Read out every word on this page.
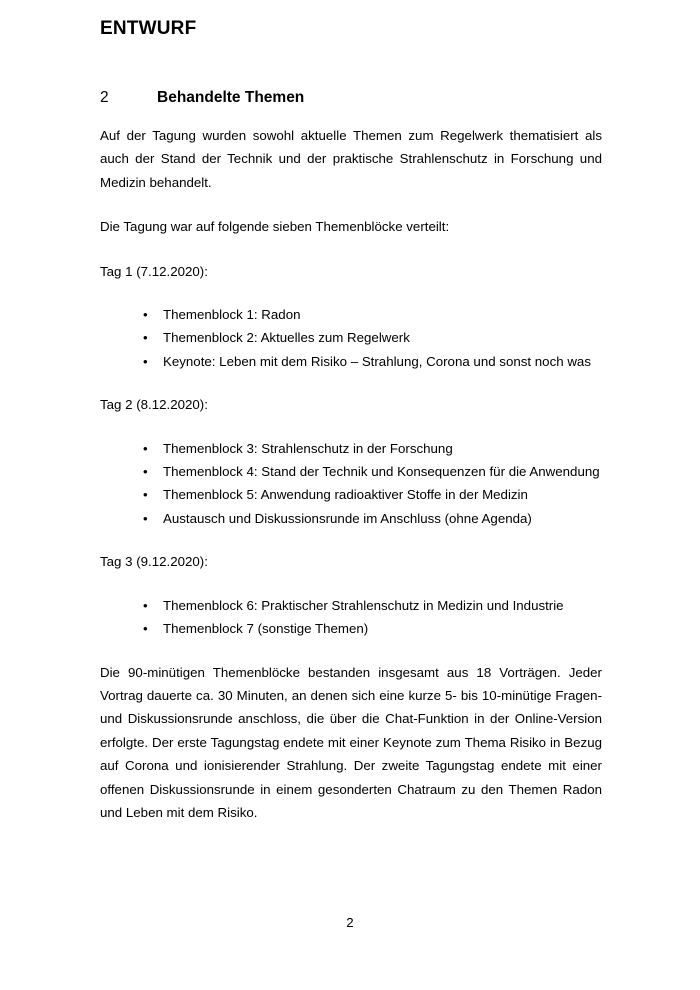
ENTWURF
2	Behandelte Themen

Auf der Tagung wurden sowohl aktuelle Themen zum Regelwerk thematisiert als auch der Stand der Technik und der praktische Strahlenschutz in Forschung und Medizin behandelt.

Die Tagung war auf folgende sieben Themenblöcke verteilt:

Tag 1 (7.12.2020):
• Themenblock 1: Radon
• Themenblock 2: Aktuelles zum Regelwerk
• Keynote: Leben mit dem Risiko – Strahlung, Corona und sonst noch was
Tag 2 (8.12.2020):
• Themenblock 3: Strahlenschutz in der Forschung
• Themenblock 4: Stand der Technik und Konsequenzen für die Anwendung
• Themenblock 5: Anwendung radioaktiver Stoffe in der Medizin
• Austausch und Diskussionsrunde im Anschluss (ohne Agenda)
Tag 3 (9.12.2020):
• Themenblock 6: Praktischer Strahlenschutz in Medizin und Industrie
• Themenblock 7 (sonstige Themen)

Die 90-minütigen Themenblöcke bestanden insgesamt aus 18 Vorträgen. Jeder Vortrag dauerte ca. 30 Minuten, an denen sich eine kurze 5- bis 10-minütige Fragen- und Diskussionsrunde anschloss, die über die Chat-Funktion in der Online-Version erfolgte. Der erste Tagungstag endete mit einer Keynote zum Thema Risiko in Bezug auf Corona und ionisierender Strahlung. Der zweite Tagungstag endete mit einer offenen Diskussionsrunde in einem gesonderten Chatraum zu den Themen Radon und Leben mit dem Risiko.

2
